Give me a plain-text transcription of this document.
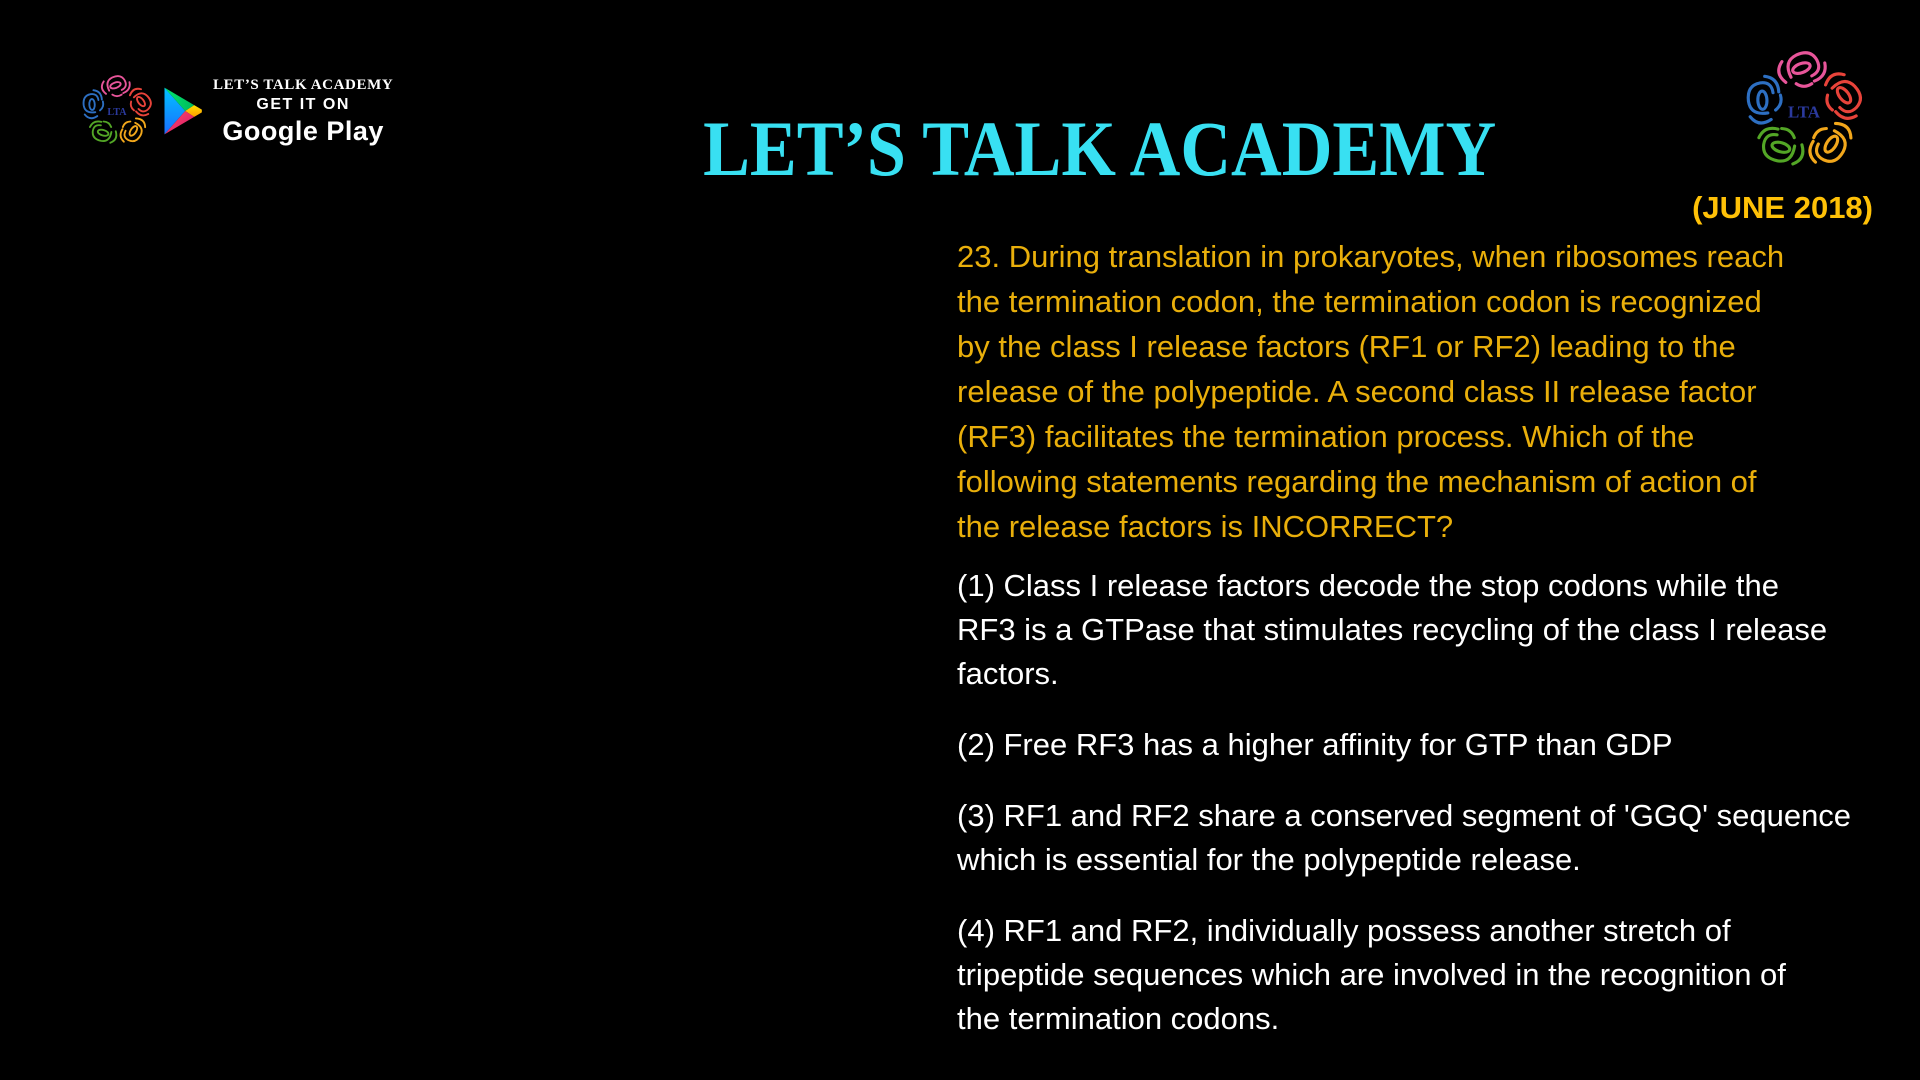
LTA
LET’S TALK ACADEMY
GET IT ON
Google Play	LET’S TALK ACADEMY	LTA
(JUNE 2018)
23. During translation in prokaryotes, when ribosomes reach
the termination codon, the termination codon is recognized
by the class I release factors (RF1 or RF2) leading to the
release of the polypeptide. A second class II release factor
(RF3) facilitates the termination process. Which of the
following statements regarding the mechanism of action of
the release factors is INCORRECT?
(1) Class I release factors decode the stop codons while the
RF3 is a GTPase that stimulates recycling of the class I release
factors.
(2) Free RF3 has a higher affinity for GTP than GDP
(3) RF1 and RF2 share a conserved segment of 'GGQ' sequence
which is essential for the polypeptide release.
(4) RF1 and RF2, individually possess another stretch of
tripeptide sequences which are involved in the recognition of
the termination codons.
